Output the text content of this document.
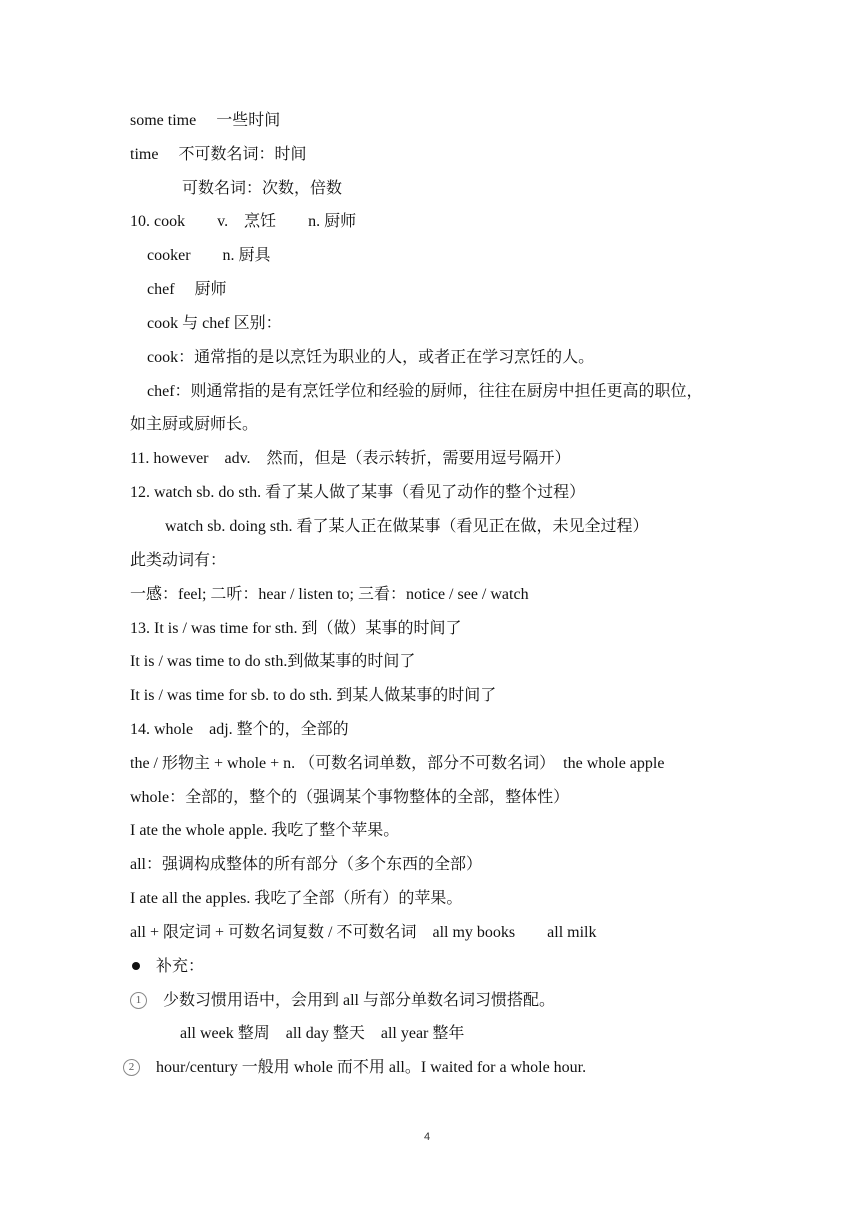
some time　 一些时间
time　 不可数名词：时间
可数名词：次数，倍数
10. cook　　v.　烹饪　　n. 厨师
cooker　　n. 厨具
chef　 厨师
cook 与 chef 区别：
cook：通常指的是以烹饪为职业的人，或者正在学习烹饪的人。
chef：则通常指的是有烹饪学位和经验的厨师，往往在厨房中担任更高的职位，
如主厨或厨师长。
11. however　adv.　然而，但是（表示转折，需要用逗号隔开）
12. watch sb. do sth. 看了某人做了某事（看见了动作的整个过程）
watch sb. doing sth. 看了某人正在做某事（看见正在做，未见全过程）
此类动词有：
一感：feel; 二听：hear / listen to; 三看：notice / see / watch
13. It is / was time for sth. 到（做）某事的时间了
It is / was time to do sth.到做某事的时间了
It is / was time for sb. to do sth. 到某人做某事的时间了
14. whole　adj. 整个的，全部的
the / 形物主 + whole + n. （可数名词单数，部分不可数名词）　the whole apple
whole：全部的，整个的（强调某个事物整体的全部，整体性）
I ate the whole apple. 我吃了整个苹果。
all：强调构成整体的所有部分（多个东西的全部）
I ate all the apples. 我吃了全部（所有）的苹果。
all + 限定词 + 可数名词复数 / 不可数名词　all my books　　all milk
补充：
1 少数习惯用语中，会用到 all 与部分单数名词习惯搭配。
all week 整周　all day 整天　all year 整年
2 hour/century 一般用 whole 而不用 all。I waited for a whole hour.
4
